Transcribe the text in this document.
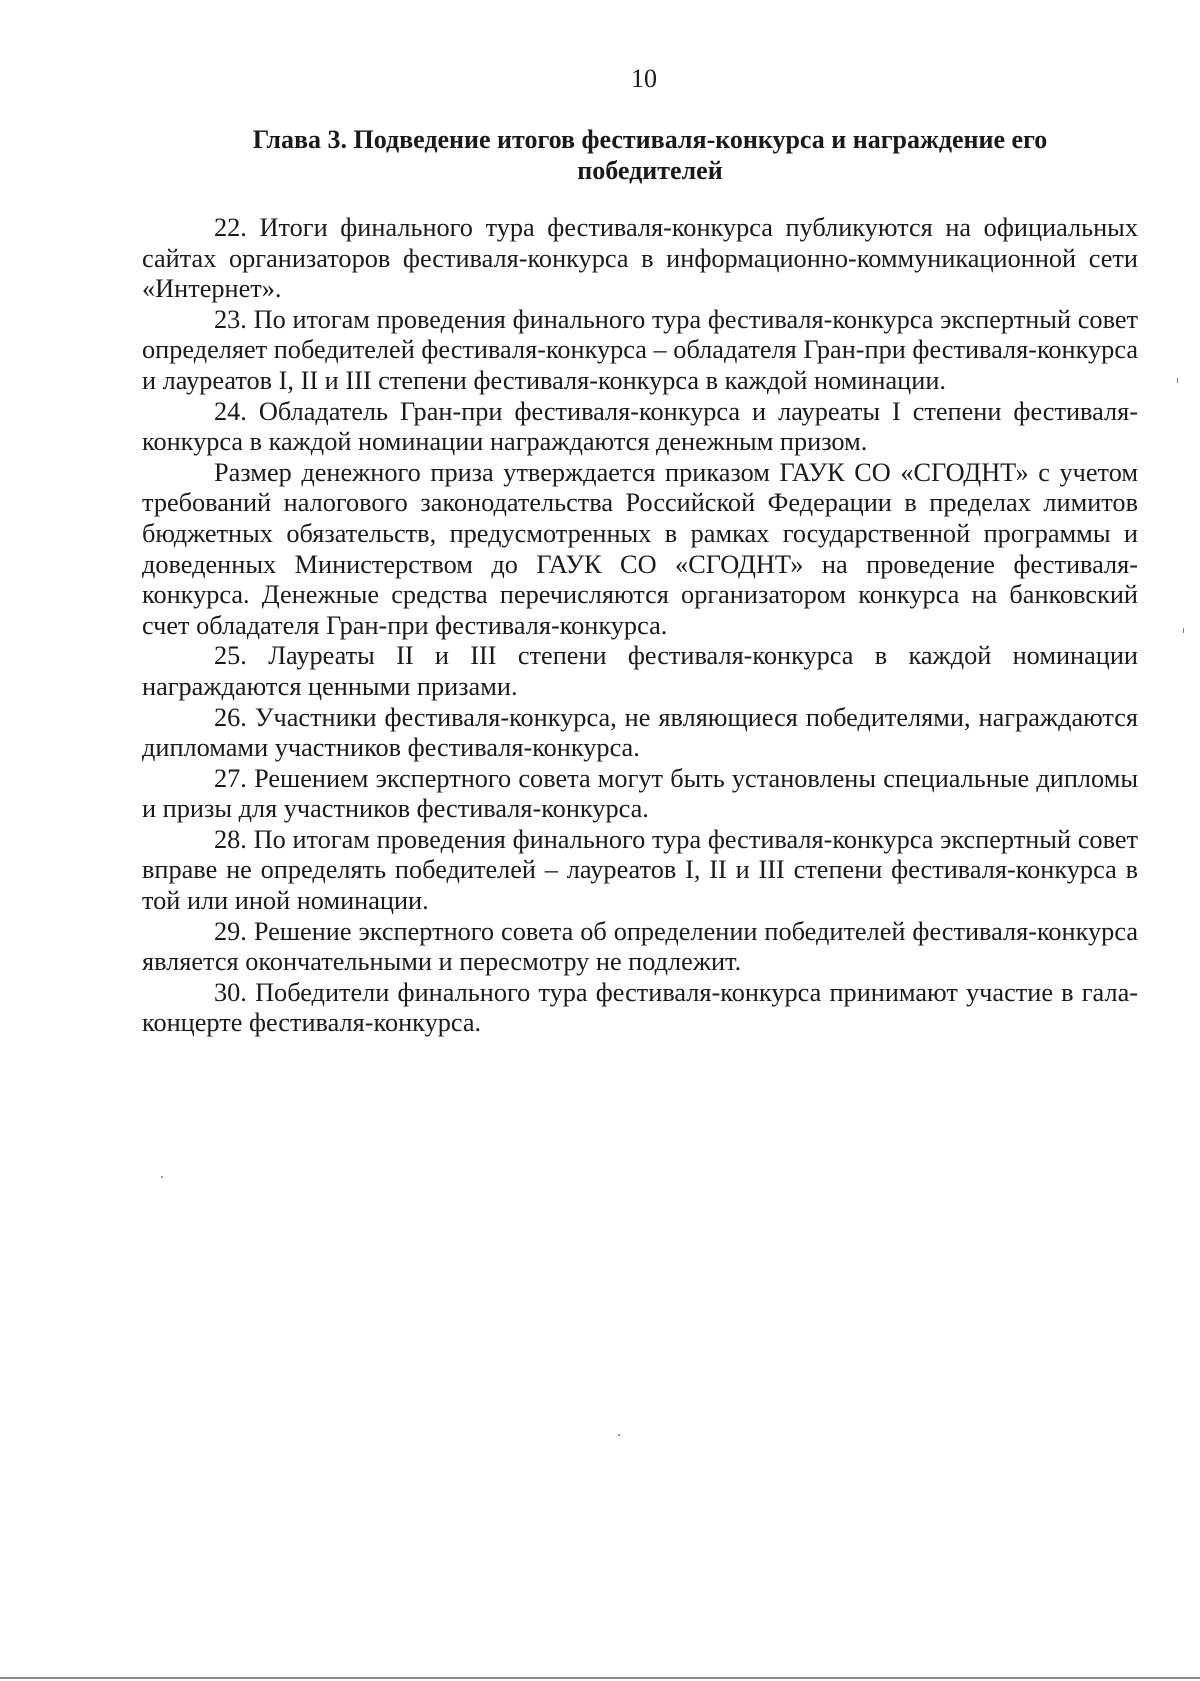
10
Глава 3. Подведение итогов фестиваля-конкурса и награждение его победителей

22. Итоги финального тура фестиваля-конкурса публикуются на официальных сайтах организаторов фестиваля-конкурса в информационно-коммуникационной сети «Интернет».

23. По итогам проведения финального тура фестиваля-конкурса экспертный совет определяет победителей фестиваля-конкурса – обладателя Гран-при фестиваля-конкурса и лауреатов I, II и III степени фестиваля-конкурса в каждой номинации.

24. Обладатель Гран-при фестиваля-конкурса и лауреаты I степени фестиваля-конкурса в каждой номинации награждаются денежным призом.

Размер денежного приза утверждается приказом ГАУК СО «СГОДНТ» с учетом требований налогового законодательства Российской Федерации в пределах лимитов бюджетных обязательств, предусмотренных в рамках государственной программы и доведенных Министерством до ГАУК СО «СГОДНТ» на проведение фестиваля-конкурса. Денежные средства перечисляются организатором конкурса на банковский счет обладателя Гран-при фестиваля-конкурса.

25. Лауреаты II и III степени фестиваля-конкурса в каждой номинации награждаются ценными призами.

26. Участники фестиваля-конкурса, не являющиеся победителями, награждаются дипломами участников фестиваля-конкурса.

27. Решением экспертного совета могут быть установлены специальные дипломы и призы для участников фестиваля-конкурса.

28. По итогам проведения финального тура фестиваля-конкурса экспертный совет вправе не определять победителей – лауреатов I, II и III степени фестиваля-конкурса в той или иной номинации.

29. Решение экспертного совета об определении победителей фестиваля-конкурса является окончательными и пересмотру не подлежит.

30. Победители финального тура фестиваля-конкурса принимают участие в гала-концерте фестиваля-конкурса.
